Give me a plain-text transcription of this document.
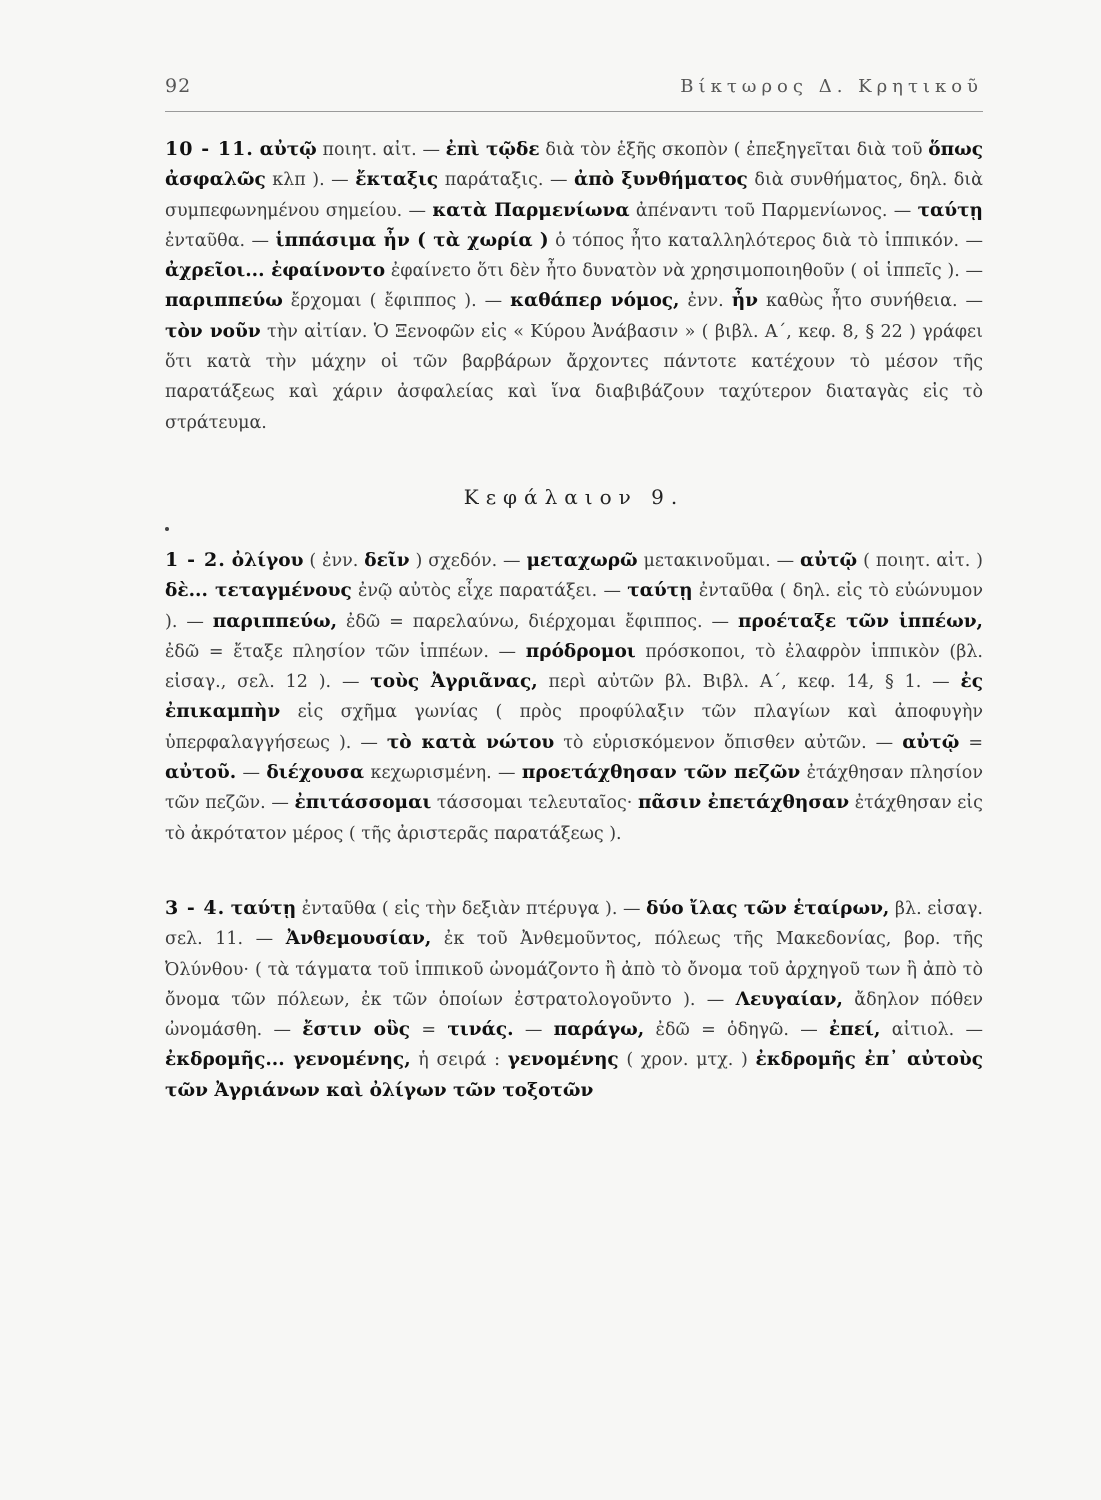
92	Βίκτωρος Δ. Κρητικοῦ

10 - 11. αὐτῷ ποιητ. αἰτ. — ἐπὶ τῷδε διὰ τὸν ἑξῆς σκοπὸν ( ἐπεξηγεῖται διὰ τοῦ ὅπως ἀσφαλῶς κλπ ). — ἔκταξις παράταξις. — ἀπὸ ξυνθήματος διὰ συνθήματος, δηλ. διὰ συμπεφωνημένου σημείου. — κατὰ Παρμενίωνα ἀπέναντι τοῦ Παρμενίωνος. — ταύτῃ ἐνταῦθα. — ἱππάσιμα ἦν ( τὰ χωρία ) ὁ τόπος ἦτο καταλληλότερος διὰ τὸ ἱππικόν. — ἀχρεῖοι... ἐφαίνοντο ἐφαίνετο ὅτι δὲν ἦτο δυνατὸν νὰ χρησιμοποιηθοῦν ( οἱ ἱππεῖς ). — παριππεύω ἔρχομαι ( ἔφιππος ). — καθάπερ νόμος, ἐνν. ἦν καθὼς ἦτο συνήθεια. — τὸν νοῦν τὴν αἰτίαν. Ὁ Ξενοφῶν εἰς « Κύρου Ἀνάβασιν » ( βιβλ. Α΄, κεφ. 8, § 22 ) γράφει ὅτι κατὰ τὴν μάχην οἱ τῶν βαρβάρων ἄρχοντες πάντοτε κατέχουν τὸ μέσον τῆς παρατάξεως καὶ χάριν ἀσφαλείας καὶ ἵνα διαβιβάζουν ταχύτερον διαταγὰς εἰς τὸ στράτευμα.

Κεφάλαιον 9.

1 - 2. ὀλίγου ( ἐνν. δεῖν ) σχεδόν. — μεταχωρῶ μετακινοῦμαι. — αὐτῷ ( ποιητ. αἰτ. ) δὲ... τεταγμένους ἐνῷ αὐτὸς εἶχε παρατάξει. — ταύτῃ ἐνταῦθα ( δηλ. εἰς τὸ εὐώνυμον ). — παριππεύω, ἐδῶ = παρελαύνω, διέρχομαι ἔφιππος. — προέταξε τῶν ἱππέων, ἐδῶ = ἔταξε πλησίον τῶν ἱππέων. — πρόδρομοι πρόσκοποι, τὸ ἐλαφρὸν ἱππικὸν (βλ. εἰσαγ., σελ. 12 ). — τοὺς Ἀγριᾶνας, περὶ αὐτῶν βλ. Βιβλ. Α΄, κεφ. 14, § 1. — ἐς ἐπικαμπὴν εἰς σχῆμα γωνίας ( πρὸς προφύλαξιν τῶν πλαγίων καὶ ἀποφυγὴν ὑπερφαλαγγήσεως ). — τὸ κατὰ νώτου τὸ εὑρισκόμενον ὄπισθεν αὐτῶν. — αὐτῷ = αὐτοῦ. — διέχουσα κεχωρισμένη. — προετάχθησαν τῶν πεζῶν ἐτάχθησαν πλησίον τῶν πεζῶν. — ἐπιτάσσομαι τάσσομαι τελευταῖος· πᾶσιν ἐπετάχθησαν ἐτάχθησαν εἰς τὸ ἀκρότατον μέρος ( τῆς ἀριστερᾶς παρατάξεως ).

3 - 4. ταύτῃ ἐνταῦθα ( εἰς τὴν δεξιὰν πτέρυγα ). — δύο ἴλας τῶν ἑταίρων, βλ. εἰσαγ. σελ. 11. — Ἀνθεμουσίαν, ἐκ τοῦ Ἀνθεμοῦντος, πόλεως τῆς Μακεδονίας, βορ. τῆς Ὀλύνθου· ( τὰ τάγματα τοῦ ἱππικοῦ ὠνομάζοντο ἢ ἀπὸ τὸ ὄνομα τοῦ ἀρχηγοῦ των ἢ ἀπὸ τὸ ὄνομα τῶν πόλεων, ἐκ τῶν ὁποίων ἐστρατολογοῦντο ). — Λευγαίαν, ἄδηλον πόθεν ὠνομάσθη. — ἔστιν οὓς = τινάς. — παράγω, ἐδῶ = ὁδηγῶ. — ἐπεί, αἰτιολ. — ἐκδρομῆς... γενομένης, ἡ σειρά : γενομένης ( χρον. μτχ. ) ἐκδρομῆς ἐπ᾽ αὐτοὺς τῶν Ἀγριάνων καὶ ὀλίγων τῶν τοξοτῶν
